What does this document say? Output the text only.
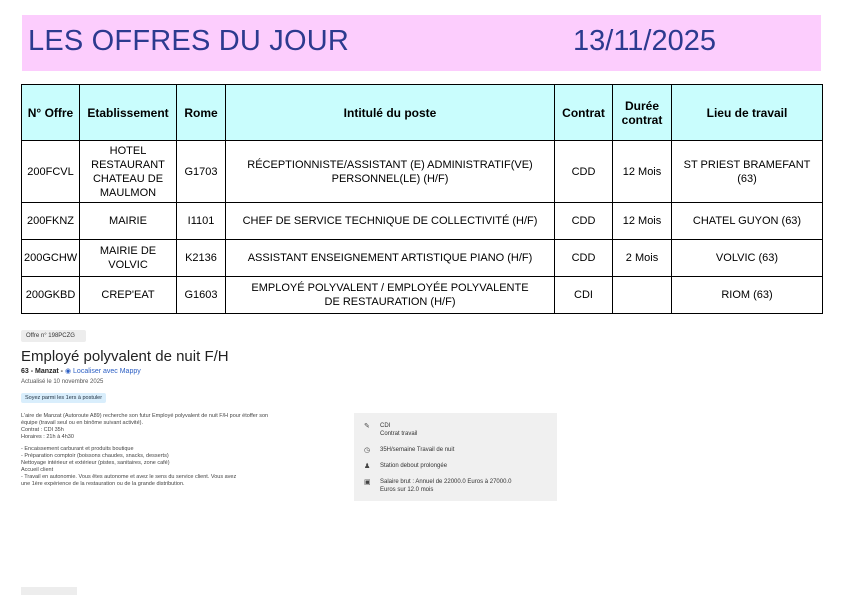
LES OFFRES DU JOUR	13/11/2025
N° Offre	Etablissement	Rome	Intitulé du poste	Contrat	Durée contrat	Lieu de travail
200FCVL	HOTEL RESTAURANT CHATEAU DE MAULMON	G1703	RÉCEPTIONNISTE/ASSISTANT (E) ADMINISTRATIF(VE) PERSONNEL(LE) (H/F)	CDD	12 Mois	ST PRIEST BRAMEFANT (63)
200FKNZ	MAIRIE	I1101	CHEF DE SERVICE TECHNIQUE DE COLLECTIVITÉ (H/F)	CDD	12 Mois	CHATEL GUYON (63)
200GCHW	MAIRIE DE VOLVIC	K2136	ASSISTANT ENSEIGNEMENT ARTISTIQUE PIANO (H/F)	CDD	2 Mois	VOLVIC (63)
200GKBD	CREP'EAT	G1603	EMPLOYÉ POLYVALENT / EMPLOYÉE POLYVALENTE DE RESTAURATION (H/F)	CDI		RIOM (63)
Offre n° 198PCZG
Employé polyvalent de nuit F/H
63 - Manzat - ◉ Localiser avec Mappy
Actualisé le 10 novembre 2025
Soyez parmi les 1ers à postuler
L'aire de Manzat (Autoroute A89) recherche son futur Employé polyvalent de nuit F/H pour étoffer son
équipe (travail seul ou en binôme suivant activité).
Contrat : CDI 35h
Horaires : 21h à 4h30
- Encaissement carburant et produits boutique
- Préparation comptoir (boissons chaudes, snacks, desserts)
Nettoyage intérieur et extérieur (pistes, sanitaires, zone café)
Accueil client
- Travail en autonomie. Vous êtes autonome et avez le sens du service client. Vous avez
une 1ère expérience de la restauration ou de la grande distribution.
✎	CDI
Contrat travail
◷	35H/semaine Travail de nuit
♟ Station debout prolongée
▣ Salaire brut : Annuel de 22000.0 Euros à 27000.0
Euros sur 12.0 mois
